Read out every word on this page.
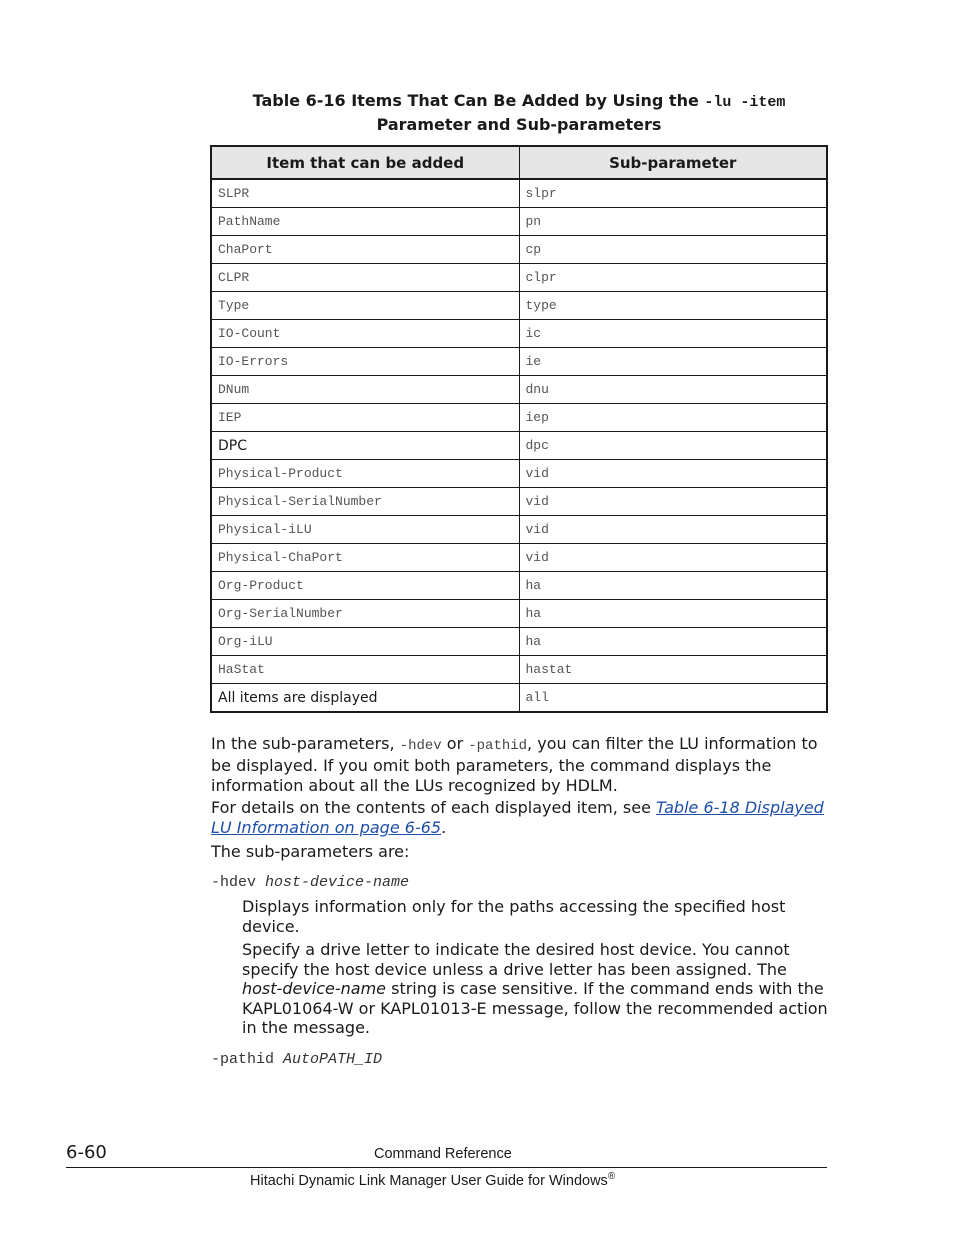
Table 6-16 Items That Can Be Added by Using the -lu -item
Parameter and Sub-parameters
Item that can be added	Sub-parameter
SLPR	slpr
PathName	pn
ChaPort	cp
CLPR	clpr
Type	type
IO-Count	ic
IO-Errors	ie
DNum	dnu
IEP	iep
DPC	dpc
Physical-Product	vid
Physical-SerialNumber	vid
Physical-iLU	vid
Physical-ChaPort	vid
Org-Product	ha
Org-SerialNumber	ha
Org-iLU	ha
HaStat	hastat
All items are displayed	all

In the sub-parameters, -hdev or -pathid, you can filter the LU information to be displayed. If you omit both parameters, the command displays the information about all the LUs recognized by HDLM.

For details on the contents of each displayed item, see Table 6-18 Displayed LU Information on page 6-65.

The sub-parameters are:
-hdev host-device-name

Displays information only for the paths accessing the specified host device.

Specify a drive letter to indicate the desired host device. You cannot specify the host device unless a drive letter has been assigned. The host-device-name string is case sensitive. If the command ends with the KAPL01064-W or KAPL01013-E message, follow the recommended action in the message.

-pathid AutoPATH_ID
6-60	Command Reference
Hitachi Dynamic Link Manager User Guide for Windows®
